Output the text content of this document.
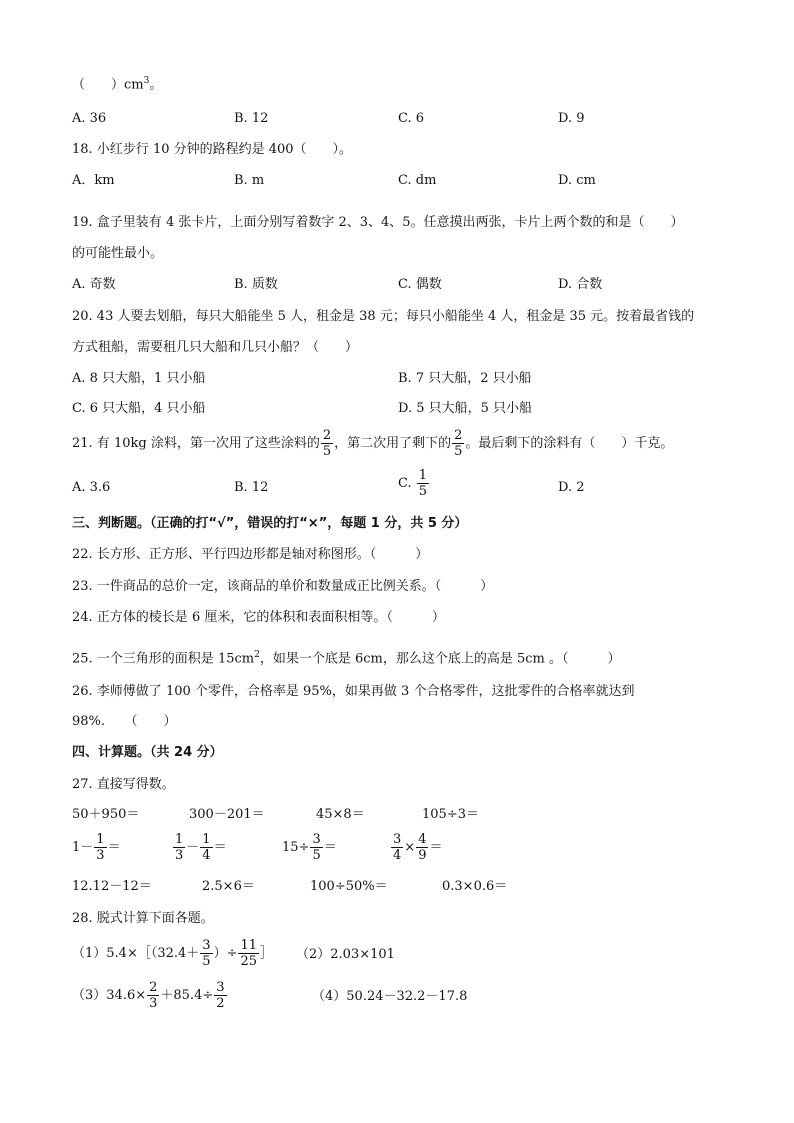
（　　）$cm^3$。
A. 36	B. 12	C. 6	D. 9
18. 小红步行 10 分钟的路程约是 400（　　）。
A．km	B. m	C. dm	D. cm
19. 盒子里装有 4 张卡片，上面分别写着数字 2、3、4、5。任意摸出两张，卡片上两个数的和是（　　）
的可能性最小。
A. 奇数	B. 质数	C. 偶数	D. 合数
20. 43 人要去划船，每只大船能坐 5 人，租金是 38 元；每只小船能坐 4 人，租金是 35 元。按着最省钱的
方式租船，需要租几只大船和几只小船？（　　）
A. 8 只大船，1 只小船	B. 7 只大船，2 只小船
C. 6 只大船，4 只小船	D. 5 只大船，5 只小船
21. 有 10kg 涂料，第一次用了这些涂料的 $\frac{2}{5}$ ，第二次用了剩下的 $\frac{2}{5}$ 。最后剩下的涂料有（　　）千克。
A. 3.6	B. 12	C. $\frac{1}{5}$	D. 2
三、判断题。（正确的打“√”，错误的打“×”，每题 1 分，共 5 分）
22. 长方形、正方形、平行四边形都是轴对称图形。（　　　）
23. 一件商品的总价一定，该商品的单价和数量成正比例关系。（　　　）
24. 正方体的棱长是 6 厘米，它的体积和表面积相等。（　　　）
25. 一个三角形的面积是 $15cm^2$，如果一个底是 6cm，那么这个底上的高是 5cm 。（　　　）
26. 李师傅做了 100 个零件，合格率是 95%，如果再做 3 个合格零件，这批零件的合格率就达到
98%.　　（　　）
四、计算题。（共 24 分）
27. 直接写得数。
50＋950＝	300－201＝	45×8＝	105÷3＝
$1- \frac{1}{3}$ ＝	$\frac{1}{3} - \frac{1}{4}$ ＝	$15\div \frac{3}{5}$ ＝	$\frac{3}{4} \times \frac{4}{9}$ ＝
12.12－12＝	2.5×6＝	100÷50%＝	0.3×0.6＝
28. 脱式计算下面各题。
（1）5.4×［（32.4＋ $\frac{3}{5}$ ）÷ $\frac{11}{25}$ ］ （2）2.03×101
$(3)34.6\times \frac{2}{3} +85.4\div \frac{3}{2}$	（4）50.24－32.2－17.8
